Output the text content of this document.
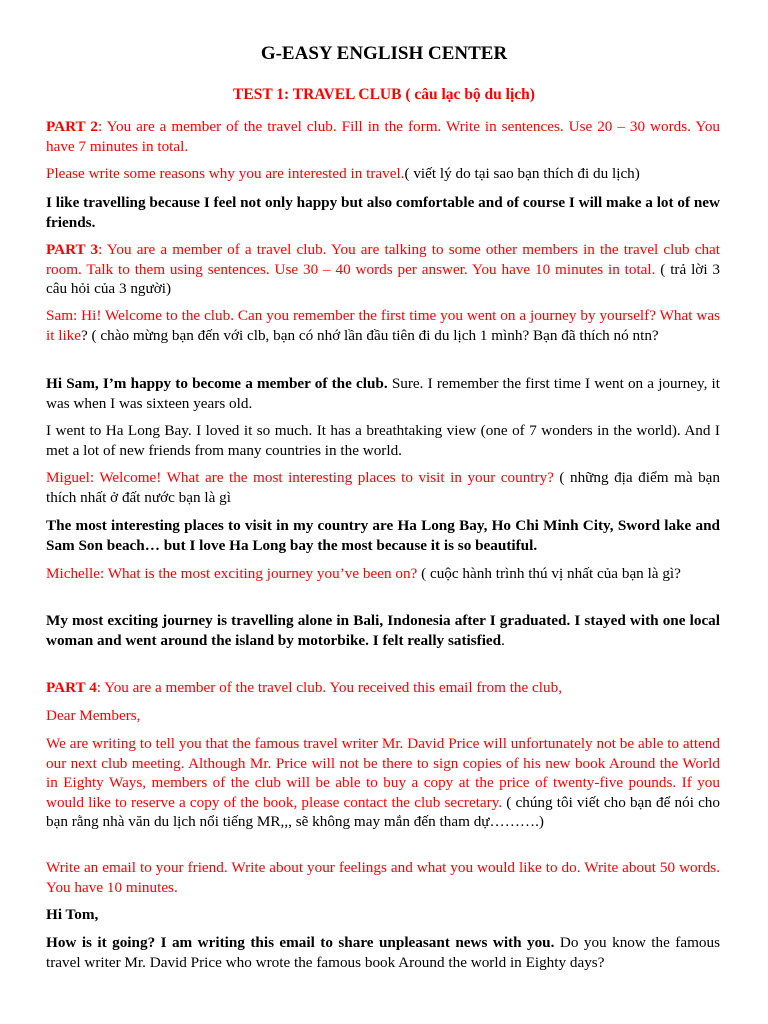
G-EASY ENGLISH CENTER

TEST 1: TRAVEL CLUB ( câu lạc bộ du lịch)

PART 2: You are a member of the travel club. Fill in the form. Write in sentences. Use 20 – 30 words. You have 7 minutes in total.

Please write some reasons why you are interested in travel.( viết lý do tại sao bạn thích đi du lịch)

I like travelling because I feel not only happy but also comfortable and of course I will make a lot of new friends.

PART 3: You are a member of a travel club. You are talking to some other members in the travel club chat room. Talk to them using sentences. Use 30 – 40 words per answer. You have 10 minutes in total. ( trả lời 3 câu hỏi của 3 người)

Sam: Hi! Welcome to the club. Can you remember the first time you went on a journey by yourself? What was it like? ( chào mừng bạn đến với clb, bạn có nhớ lần đầu tiên đi du lịch 1 mình? Bạn đã thích nó ntn?

Hi Sam, I’m happy to become a member of the club. Sure. I remember the first time I went on a journey, it was when I was sixteen years old.

I went to Ha Long Bay. I loved it so much. It has a breathtaking view (one of 7 wonders in the world). And I met a lot of new friends from many countries in the world.

Miguel: Welcome! What are the most interesting places to visit in your country? ( những địa điểm mà bạn thích nhất ở đất nước bạn là gì

The most interesting places to visit in my country are Ha Long Bay, Ho Chi Minh City, Sword lake and Sam Son beach… but I love Ha Long bay the most because it is so beautiful.

Michelle: What is the most exciting journey you’ve been on? ( cuộc hành trình thú vị nhất của bạn là gì?

My most exciting journey is travelling alone in Bali, Indonesia after I graduated. I stayed with one local woman and went around the island by motorbike. I felt really satisfied.

PART 4: You are a member of the travel club. You received this email from the club,

Dear Members,

We are writing to tell you that the famous travel writer Mr. David Price will unfortunately not be able to attend our next club meeting. Although Mr. Price will not be there to sign copies of his new book Around the World in Eighty Ways, members of the club will be able to buy a copy at the price of twenty-five pounds. If you would like to reserve a copy of the book, please contact the club secretary. ( chúng tôi viết cho bạn để nói cho bạn rằng nhà văn du lịch nổi tiếng MR,,, sẽ không may mắn đến tham dự……….)

Write an email to your friend. Write about your feelings and what you would like to do. Write about 50 words. You have 10 minutes.

Hi Tom,

How is it going? I am writing this email to share unpleasant news with you. Do you know the famous travel writer Mr. David Price who wrote the famous book Around the world in Eighty days?
